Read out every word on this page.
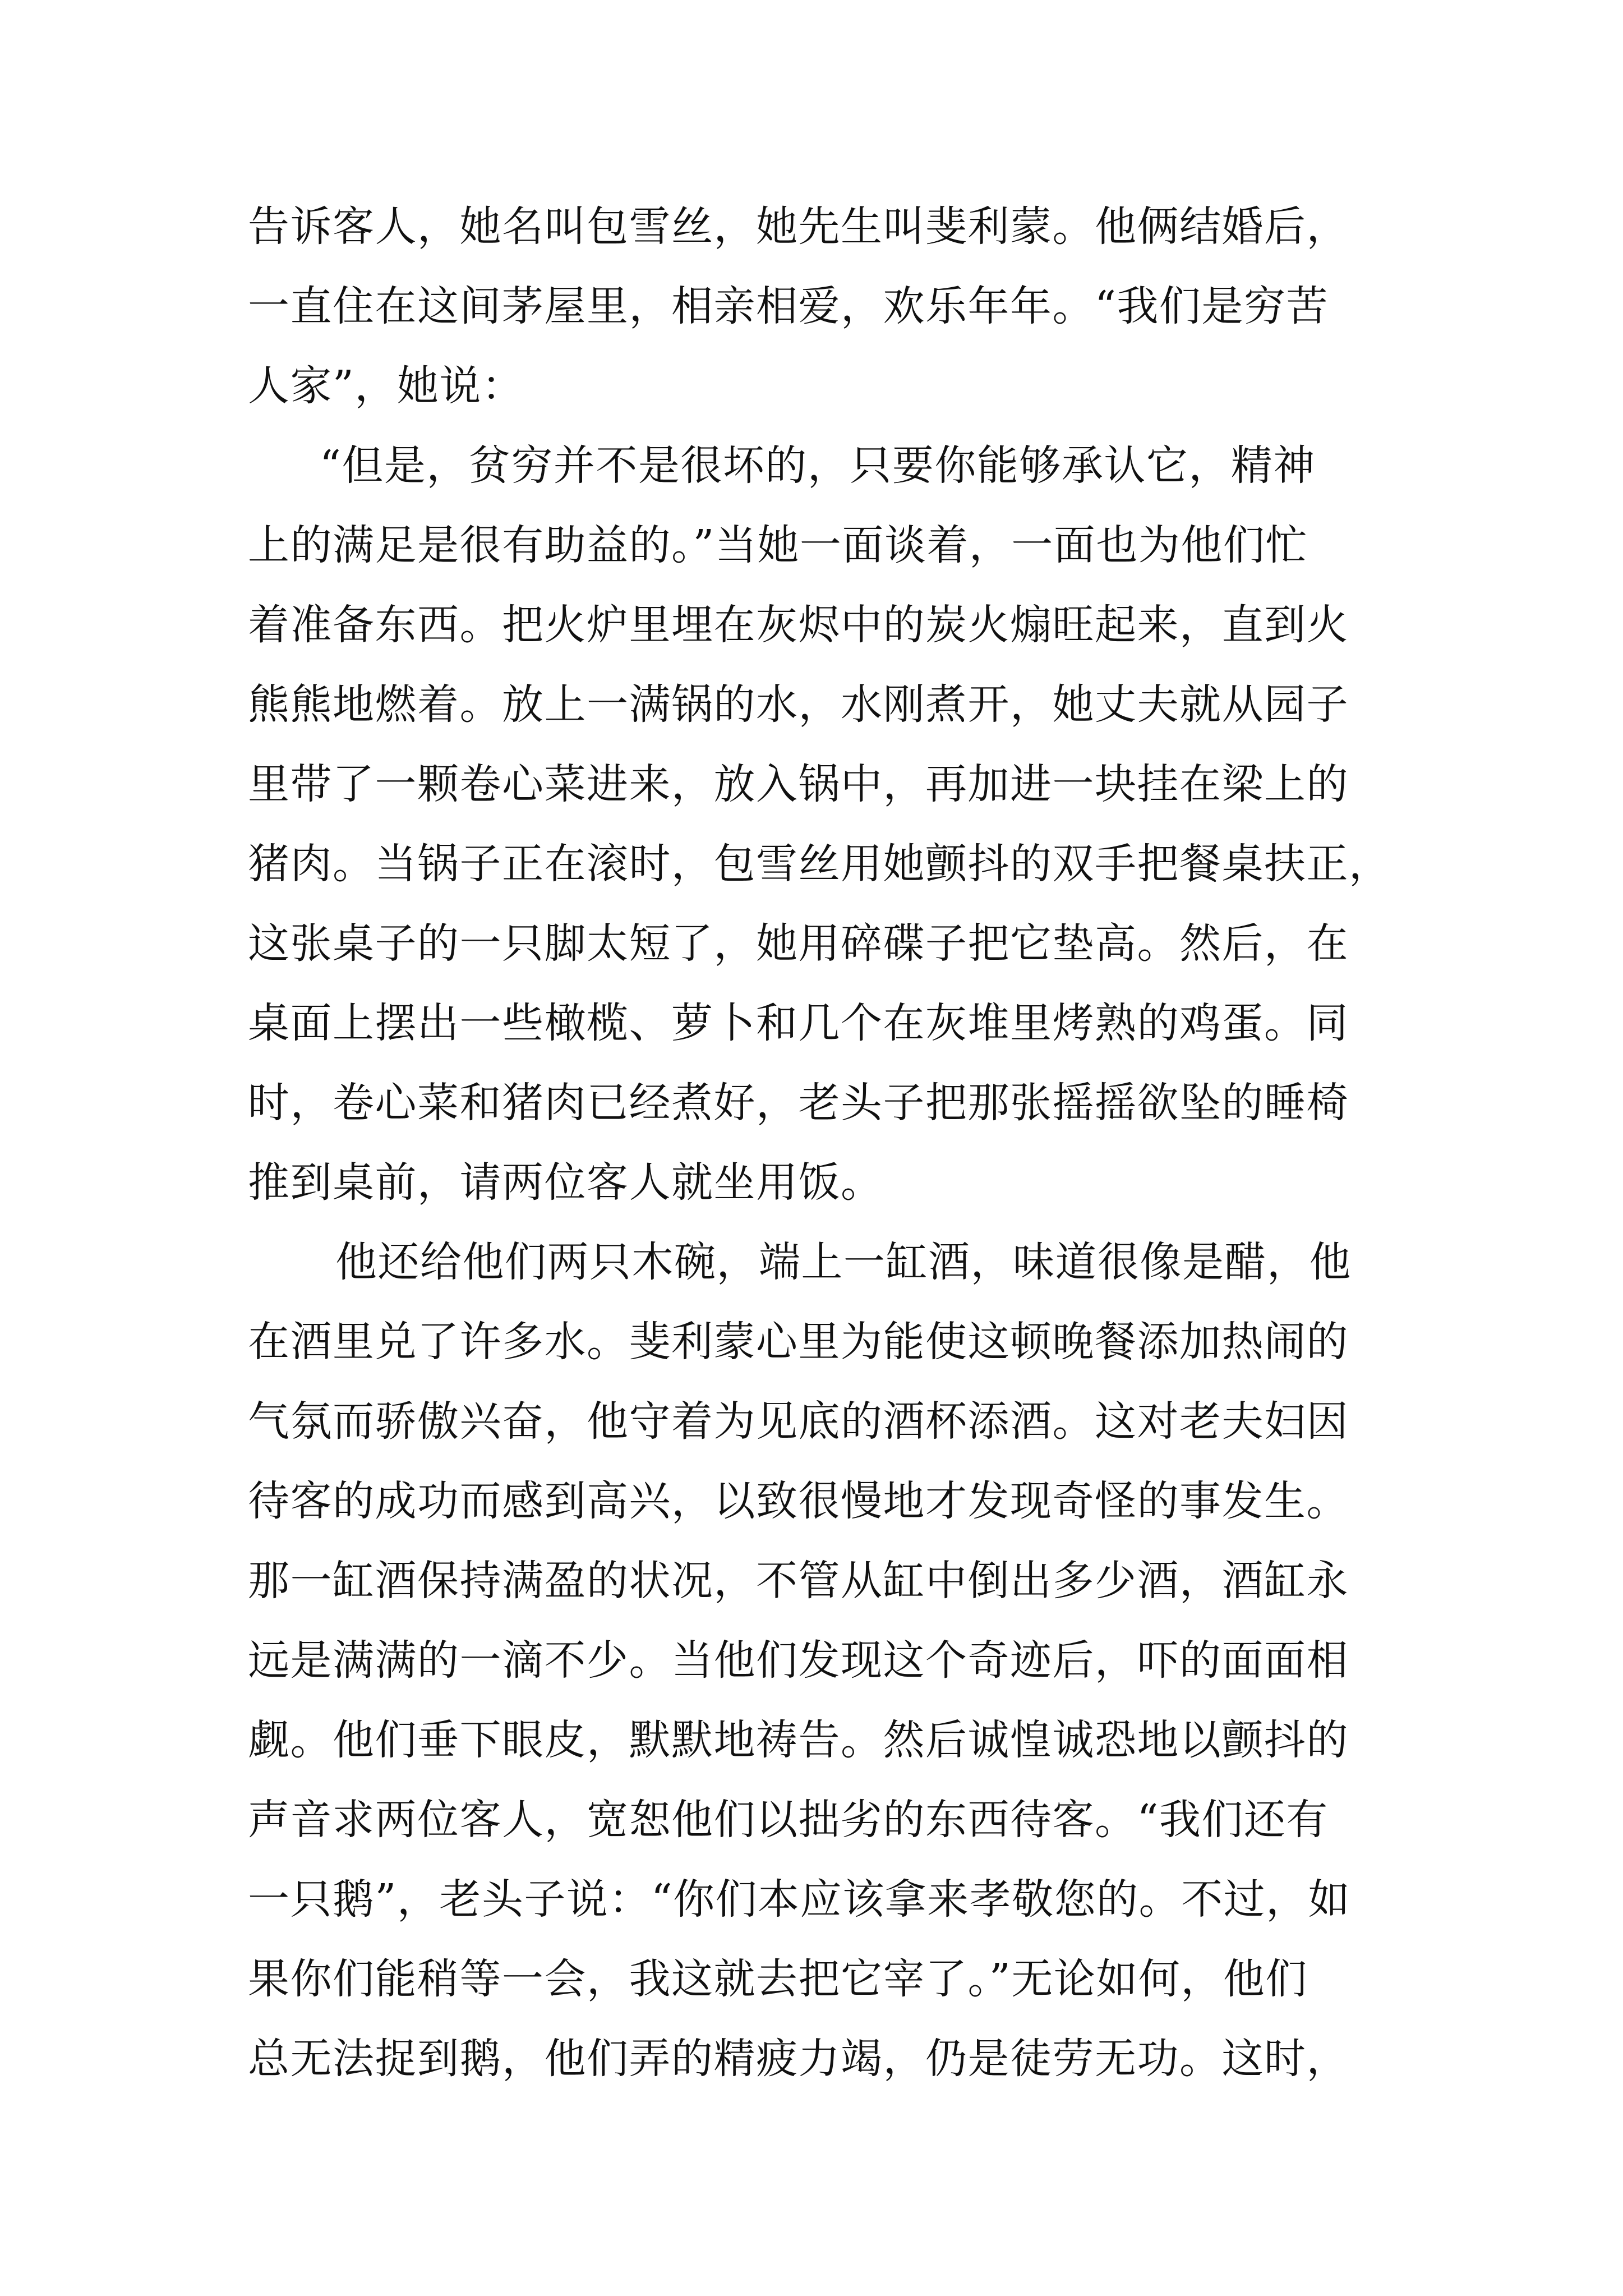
告诉客人，她名叫包雪丝，她先生叫斐利蒙。他俩结婚后，
一直住在这间茅屋里，相亲相爱，欢乐年年。“我们是穷苦
人家”，她说：
“但是，贫穷并不是很坏的，只要你能够承认它，精神
上的满足是很有助益的。”当她一面谈着，一面也为他们忙
着准备东西。把火炉里埋在灰烬中的炭火煽旺起来，直到火
熊熊地燃着。放上一满锅的水，水刚煮开，她丈夫就从园子
里带了一颗卷心菜进来，放入锅中，再加进一块挂在梁上的
猪肉。当锅子正在滚时，包雪丝用她颤抖的双手把餐桌扶正，
这张桌子的一只脚太短了，她用碎碟子把它垫高。然后，在
桌面上摆出一些橄榄、萝卜和几个在灰堆里烤熟的鸡蛋。同
时，卷心菜和猪肉已经煮好，老头子把那张摇摇欲坠的睡椅
推到桌前，请两位客人就坐用饭。
他还给他们两只木碗，端上一缸酒，味道很像是醋，他
在酒里兑了许多水。斐利蒙心里为能使这顿晚餐添加热闹的
气氛而骄傲兴奋，他守着为见底的酒杯添酒。这对老夫妇因
待客的成功而感到高兴，以致很慢地才发现奇怪的事发生。
那一缸酒保持满盈的状况，不管从缸中倒出多少酒，酒缸永
远是满满的一滴不少。当他们发现这个奇迹后，吓的面面相
觑。他们垂下眼皮，默默地祷告。然后诚惶诚恐地以颤抖的
声音求两位客人，宽恕他们以拙劣的东西待客。“我们还有
一只鹅”，老头子说：“你们本应该拿来孝敬您的。不过，如
果你们能稍等一会，我这就去把它宰了。”无论如何，他们
总无法捉到鹅，他们弄的精疲力竭，仍是徒劳无功。这时，
